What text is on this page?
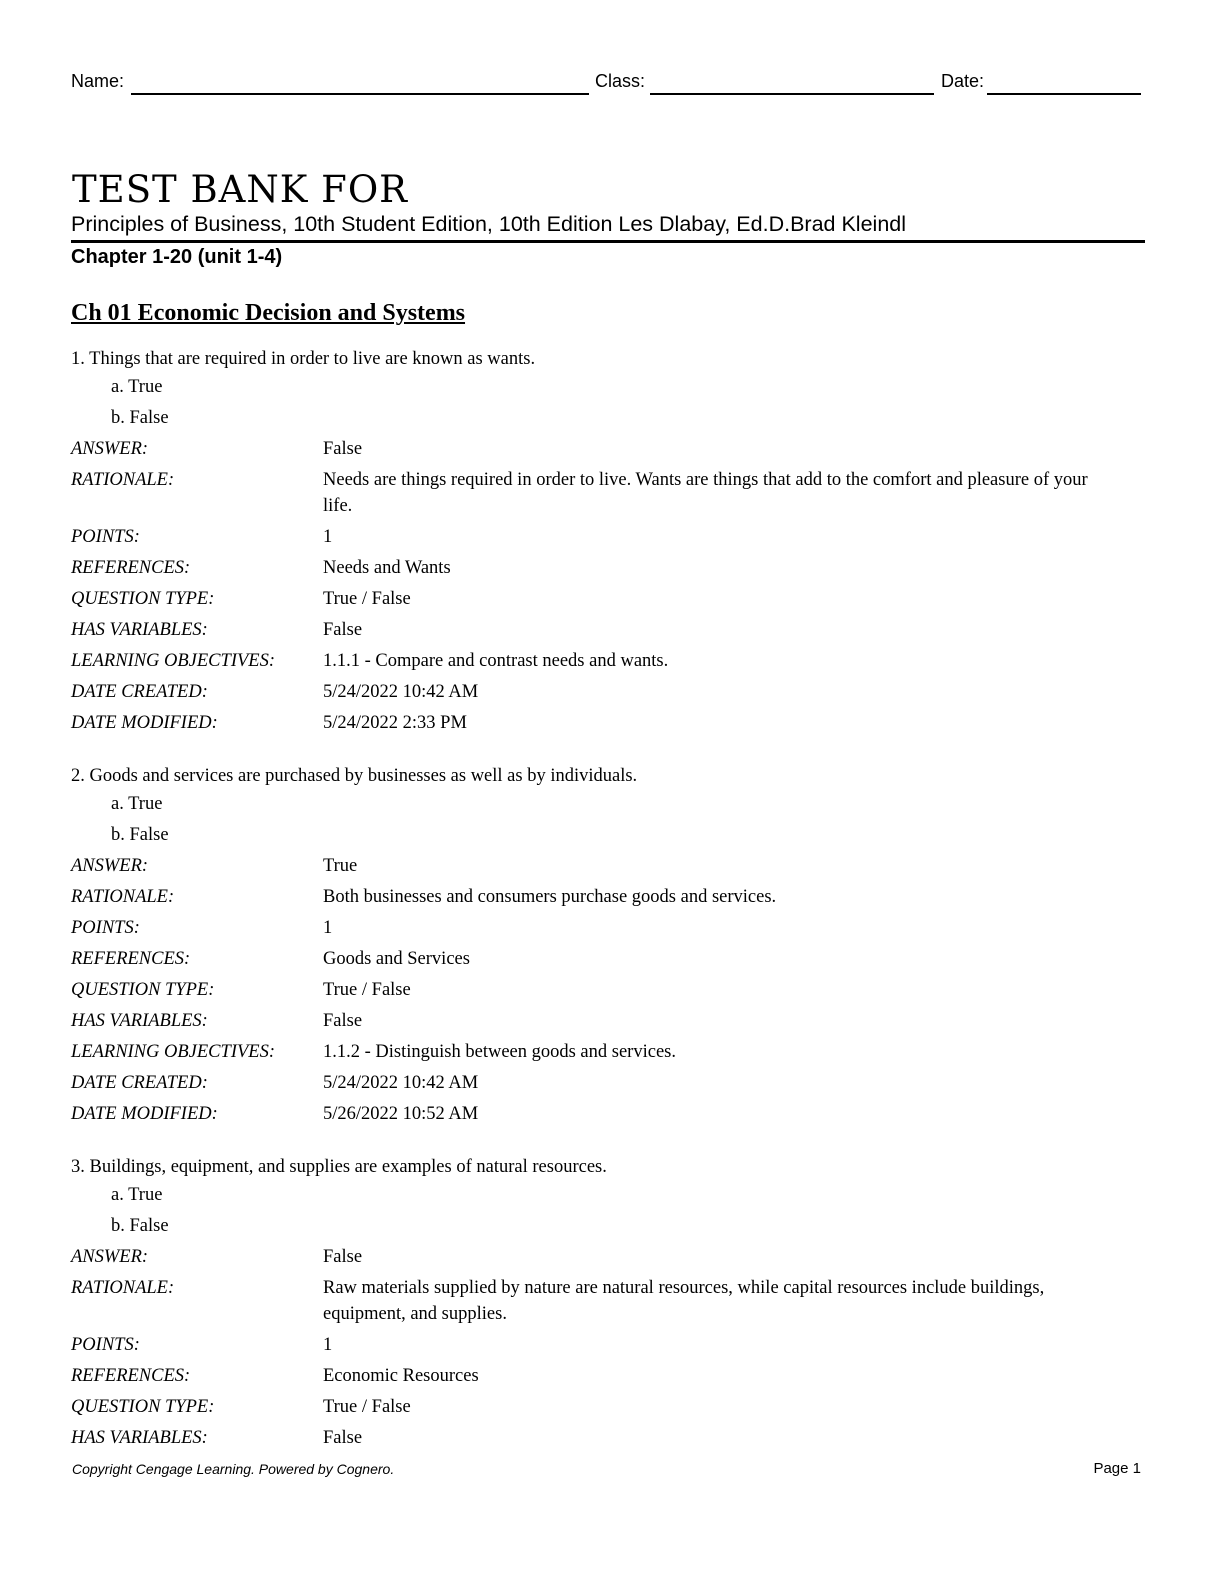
Name:	Class:	Date:
TEST BANK FOR
Principles of Business, 10th Student Edition, 10th Edition Les Dlabay, Ed.D.Brad Kleindl
Chapter 1-20 (unit 1-4)
Ch 01 Economic Decision and Systems
1. Things that are required in order to live are known as wants.
a. True
b. False
ANSWER:	False
RATIONALE:	Needs are things required in order to live. Wants are things that add to the comfort and pleasure of your life.
POINTS:	1
REFERENCES:	Needs and Wants
QUESTION TYPE:	True / False
HAS VARIABLES:	False
LEARNING OBJECTIVES:	1.1.1 - Compare and contrast needs and wants.
DATE CREATED:	5/24/2022 10:42 AM
DATE MODIFIED:	5/24/2022 2:33 PM
2. Goods and services are purchased by businesses as well as by individuals.
a. True
b. False
ANSWER:	True
RATIONALE:	Both businesses and consumers purchase goods and services.
POINTS:	1
REFERENCES:	Goods and Services
QUESTION TYPE:	True / False
HAS VARIABLES:	False
LEARNING OBJECTIVES:	1.1.2 - Distinguish between goods and services.
DATE CREATED:	5/24/2022 10:42 AM
DATE MODIFIED:	5/26/2022 10:52 AM
3. Buildings, equipment, and supplies are examples of natural resources.
a. True
b. False
ANSWER:	False
RATIONALE:	Raw materials supplied by nature are natural resources, while capital resources include buildings, equipment, and supplies.
POINTS:	1
REFERENCES:	Economic Resources
QUESTION TYPE:	True / False
HAS VARIABLES:	False
Copyright Cengage Learning. Powered by Cognero.	Page 1
